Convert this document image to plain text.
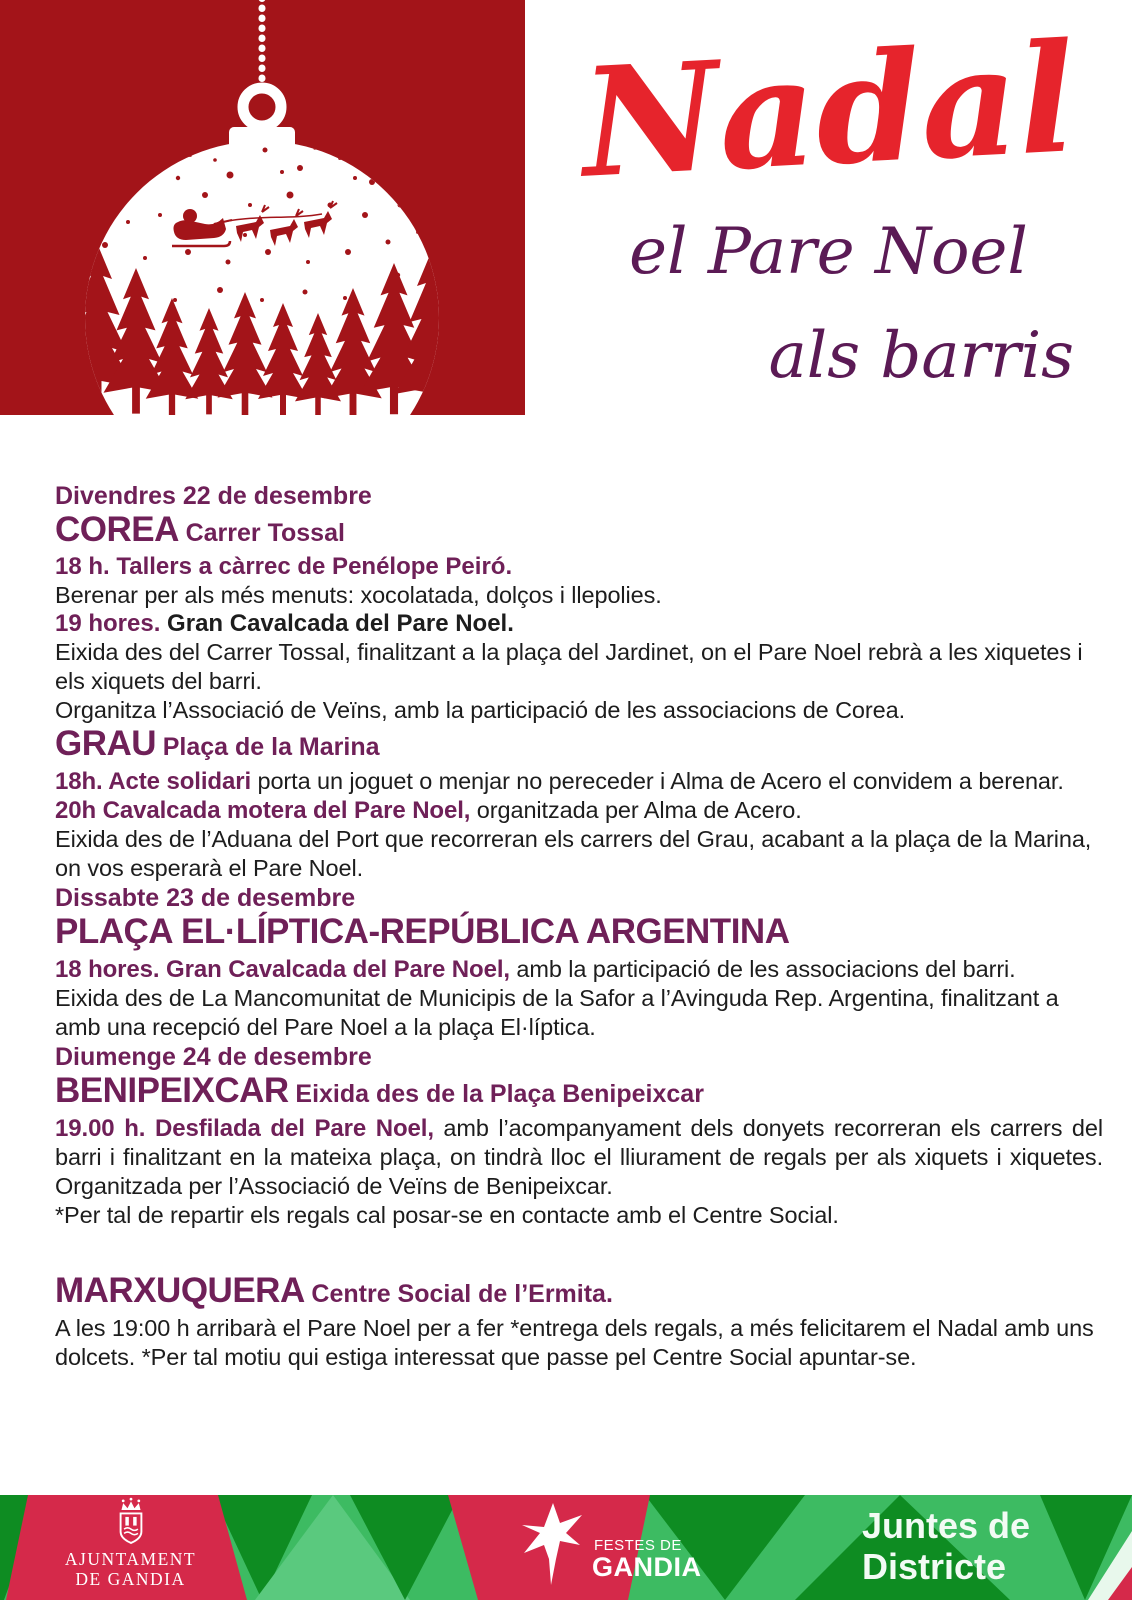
Nadal
el Pare Noel
als barris

Divendres 22 de desembre

COREA Carrer Tossal

18 h. Tallers a càrrec de Penélope Peiró.

Berenar per als més menuts: xocolatada, dolços i llepolies.

19 hores. Gran Cavalcada del Pare Noel.

Eixida des del Carrer Tossal, finalitzant a la plaça del Jardinet, on el Pare Noel rebrà a les xiquetes i els xiquets del barri.

Organitza l’Associació de Veïns, amb la participació de les associacions de Corea.

GRAU Plaça de la Marina

18h. Acte solidari porta un joguet o menjar no pereceder i Alma de Acero el convidem a berenar.

20h Cavalcada motera del Pare Noel, organitzada per Alma de Acero.

Eixida des de l’Aduana del Port que recorreran els carrers del Grau, acabant a la plaça de la Marina, on vos esperarà el Pare Noel.

Dissabte 23 de desembre

PLAÇA EL·LÍPTICA-REPÚBLICA ARGENTINA

18 hores. Gran Cavalcada del Pare Noel, amb la participació de les associacions del barri.

Eixida des de La Mancomunitat de Municipis de la Safor a l’Avinguda Rep. Argentina, finalitzant a amb una recepció del Pare Noel a la plaça El·líptica.

Diumenge 24 de desembre

BENIPEIXCAR Eixida des de la Plaça Benipeixcar

19.00 h. Desfilada del Pare Noel, amb l’acompanyament dels donyets recorreran els carrers del barri i finalitzant en la mateixa plaça, on tindrà lloc el lliurament de regals per als xiquets i xiquetes. Organitzada per l’Associació de Veïns de Benipeixcar.

*Per tal de repartir els regals cal posar-se en contacte amb el Centre Social.

MARXUQUERA Centre Social de l’Ermita.

A les 19:00 h arribarà el Pare Noel per a fer *entrega dels regals, a més felicitarem el Nadal amb uns dolcets. *Per tal motiu qui estiga interessat que passe pel Centre Social apuntar-se.

AJUNTAMENT
DE GANDIA
FESTES DE
GANDIA
Juntes de
Districte
